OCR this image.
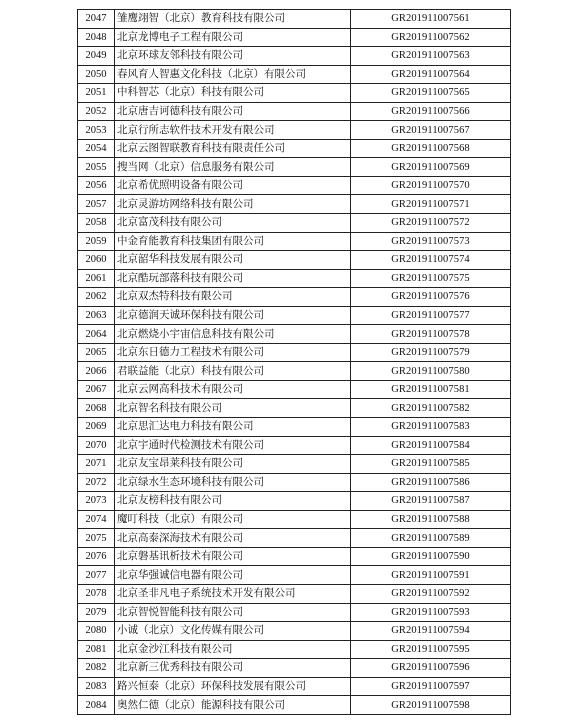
2047	雏鹰翊智（北京）教育科技有限公司	GR201911007561
2048	北京龙博电子工程有限公司	GR201911007562
2049	北京环球友邻科技有限公司	GR201911007563
2050	春风育人智惠文化科技（北京）有限公司	GR201911007564
2051	中科智芯（北京）科技有限公司	GR201911007565
2052	北京唐吉诃德科技有限公司	GR201911007566
2053	北京行所志软件技术开发有限公司	GR201911007567
2054	北京云图智联教育科技有限责任公司	GR201911007568
2055	搜当网（北京）信息服务有限公司	GR201911007569
2056	北京希优照明设备有限公司	GR201911007570
2057	北京灵游坊网络科技有限公司	GR201911007571
2058	北京富茂科技有限公司	GR201911007572
2059	中金育能教育科技集团有限公司	GR201911007573
2060	北京韶华科技发展有限公司	GR201911007574
2061	北京酷玩部落科技有限公司	GR201911007575
2062	北京双杰特科技有限公司	GR201911007576
2063	北京德润天诚环保科技有限公司	GR201911007577
2064	北京燃烧小宇宙信息科技有限公司	GR201911007578
2065	北京东日德力工程技术有限公司	GR201911007579
2066	君联益能（北京）科技有限公司	GR201911007580
2067	北京云网高科技术有限公司	GR201911007581
2068	北京智名科技有限公司	GR201911007582
2069	北京思汇达电力科技有限公司	GR201911007583
2070	北京宇通时代检测技术有限公司	GR201911007584
2071	北京友宝昂莱科技有限公司	GR201911007585
2072	北京绿水生态环境科技有限公司	GR201911007586
2073	北京友榜科技有限公司	GR201911007587
2074	魔叮科技（北京）有限公司	GR201911007588
2075	北京高泰深海技术有限公司	GR201911007589
2076	北京磐基讯析技术有限公司	GR201911007590
2077	北京华强诚信电器有限公司	GR201911007591
2078	北京圣非凡电子系统技术开发有限公司	GR201911007592
2079	北京智悦智能科技有限公司	GR201911007593
2080	小诚（北京）文化传媒有限公司	GR201911007594
2081	北京金沙江科技有限公司	GR201911007595
2082	北京新三优秀科技有限公司	GR201911007596
2083	路兴恒泰（北京）环保科技发展有限公司	GR201911007597
2084	奥然仁德（北京）能源科技有限公司	GR201911007598
